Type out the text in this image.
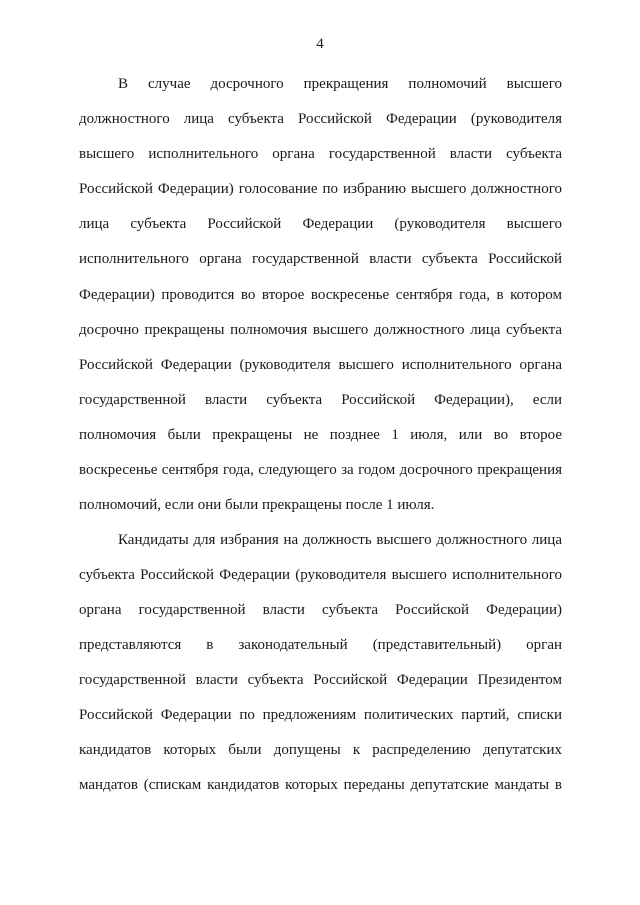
4
В случае досрочного прекращения полномочий высшего
должностного лица субъекта Российской Федерации (руководителя
высшего исполнительного органа государственной власти субъекта
Российской Федерации) голосование по избранию высшего должностного
лица субъекта Российской Федерации (руководителя высшего
исполнительного органа государственной власти субъекта Российской
Федерации) проводится во второе воскресенье сентября года, в котором
досрочно прекращены полномочия высшего должностного лица субъекта
Российской Федерации (руководителя высшего исполнительного органа
государственной власти субъекта Российской Федерации), если
полномочия были прекращены не позднее 1 июля, или во второе
воскресенье сентября года, следующего за годом досрочного прекращения
полномочий, если они были прекращены после 1 июля.
Кандидаты для избрания на должность высшего должностного лица
субъекта Российской Федерации (руководителя высшего исполнительного
органа государственной власти субъекта Российской Федерации)
представляются в законодательный (представительный) орган
государственной власти субъекта Российской Федерации Президентом
Российской Федерации по предложениям политических партий, списки
кандидатов которых были допущены к распределению депутатских
мандатов (спискам кандидатов которых переданы депутатские мандаты в
